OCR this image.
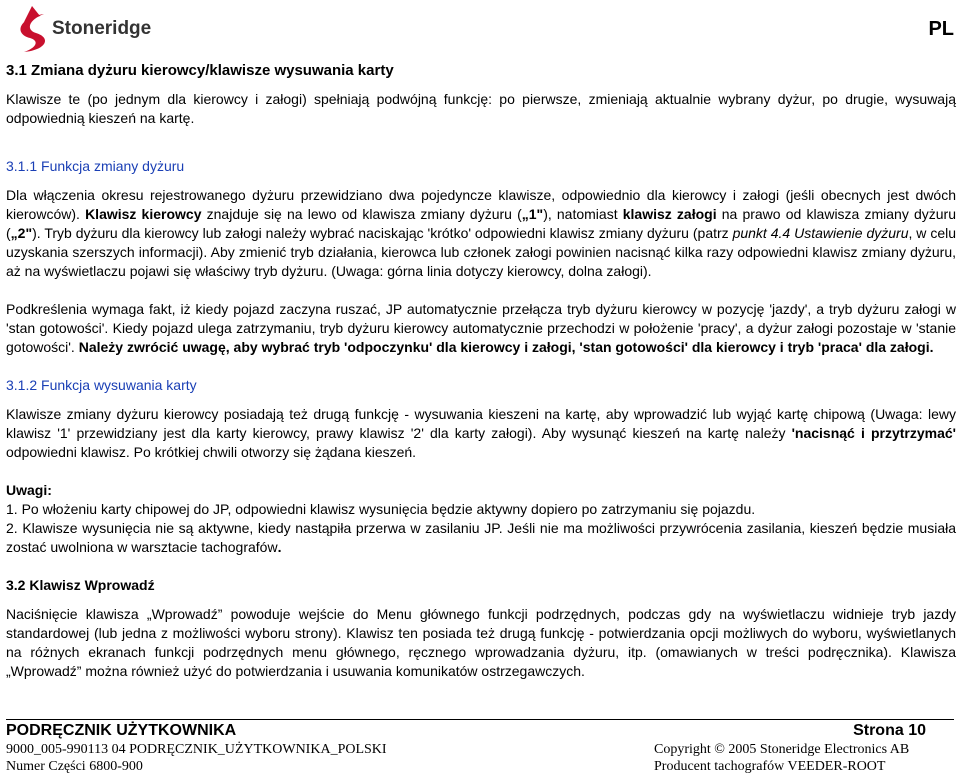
Stoneridge	PL

3.1 Zmiana dyżuru kierowcy/klawisze wysuwania karty

Klawisze te (po jednym dla kierowcy i załogi) spełniają podwójną funkcję: po pierwsze, zmieniają aktualnie wybrany dyżur, po drugie, wysuwają odpowiednią kieszeń na kartę.

3.1.1 Funkcja zmiany dyżuru

Dla włączenia okresu rejestrowanego dyżuru przewidziano dwa pojedyncze klawisze, odpowiednio dla kierowcy i załogi (jeśli obecnych jest dwóch kierowców). Klawisz kierowcy znajduje się na lewo od klawisza zmiany dyżuru („1"), natomiast klawisz załogi na prawo od klawisza zmiany dyżuru („2"). Tryb dyżuru dla kierowcy lub załogi należy wybrać naciskając 'krótko' odpowiedni klawisz zmiany dyżuru (patrz punkt 4.4 Ustawienie dyżuru, w celu uzyskania szerszych informacji). Aby zmienić tryb działania, kierowca lub członek załogi powinien nacisnąć kilka razy odpowiedni klawisz zmiany dyżuru, aż na wyświetlaczu pojawi się właściwy tryb dyżuru. (Uwaga: górna linia dotyczy kierowcy, dolna załogi).

Podkreślenia wymaga fakt, iż kiedy pojazd zaczyna ruszać, JP automatycznie przełącza tryb dyżuru kierowcy w pozycję 'jazdy', a tryb dyżuru załogi w 'stan gotowości'. Kiedy pojazd ulega zatrzymaniu, tryb dyżuru kierowcy automatycznie przechodzi w położenie 'pracy', a dyżur załogi pozostaje w 'stanie gotowości'. Należy zwrócić uwagę, aby wybrać tryb 'odpoczynku' dla kierowcy i załogi, 'stan gotowości' dla kierowcy i tryb 'praca' dla załogi.

3.1.2 Funkcja wysuwania karty

Klawisze zmiany dyżuru kierowcy posiadają też drugą funkcję - wysuwania kieszeni na kartę, aby wprowadzić lub wyjąć kartę chipową (Uwaga: lewy klawisz '1' przewidziany jest dla karty kierowcy, prawy klawisz '2' dla karty załogi). Aby wysunąć kieszeń na kartę należy 'nacisnąć i przytrzymać' odpowiedni klawisz. Po krótkiej chwili otworzy się żądana kieszeń.

Uwagi:

1. Po włożeniu karty chipowej do JP, odpowiedni klawisz wysunięcia będzie aktywny dopiero po zatrzymaniu się pojazdu.

2. Klawisze wysunięcia nie są aktywne, kiedy nastąpiła przerwa w zasilaniu JP. Jeśli nie ma możliwości przywrócenia zasilania, kieszeń będzie musiała zostać uwolniona w warsztacie tachografów.

3.2 Klawisz Wprowadź

Naciśnięcie klawisza „Wprowadź” powoduje wejście do Menu głównego funkcji podrzędnych, podczas gdy na wyświetlaczu widnieje tryb jazdy standardowej (lub jedna z możliwości wyboru strony). Klawisz ten posiada też drugą funkcję - potwierdzania opcji możliwych do wyboru, wyświetlanych na różnych ekranach funkcji podrzędnych menu głównego, ręcznego wprowadzania dyżuru, itp. (omawianych w treści podręcznika). Klawisza „Wprowadź” można również użyć do potwierdzania i usuwania komunikatów ostrzegawczych.

PODRĘCZNIK UŻYTKOWNIKA	Strona 10
9000_005-990113 04 PODRĘCZNIK_UŻYTKOWNIKA_POLSKI	Copyright © 2005 Stoneridge Electronics AB
Numer Części 6800-900	Producent tachografów VEEDER-ROOT
